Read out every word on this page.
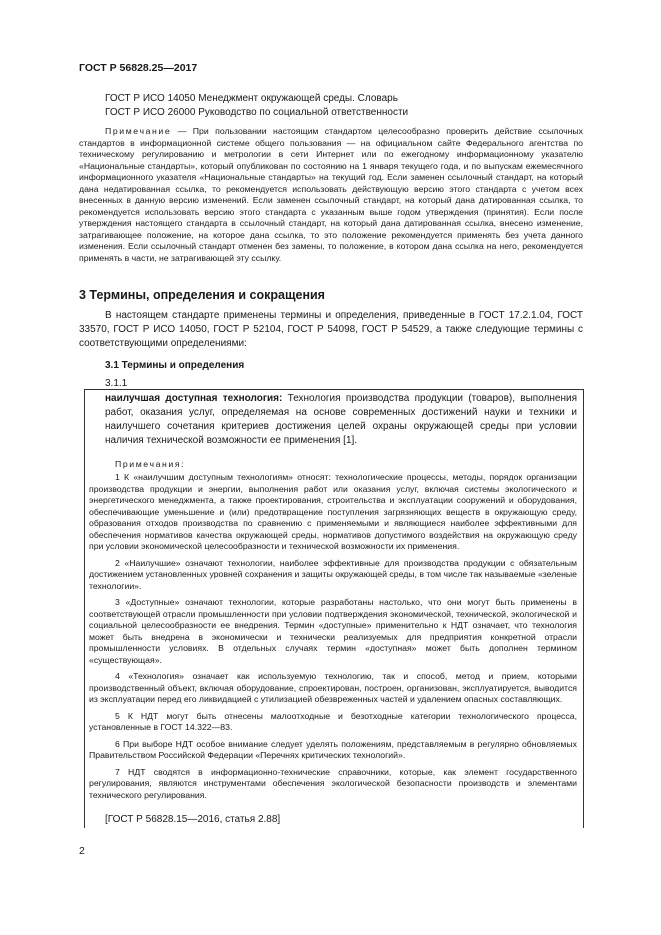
ГОСТ Р 56828.25—2017
ГОСТ Р ИСО 14050 Менеджмент окружающей среды. Словарь
ГОСТ Р ИСО 26000 Руководство по социальной ответственности
Примечание — При пользовании настоящим стандартом целесообразно проверить действие ссылочных стандартов в информационной системе общего пользования — на официальном сайте Федерального агентства по техническому регулированию и метрологии в сети Интернет или по ежегодному информационному указателю «Национальные стандарты», который опубликован по состоянию на 1 января текущего года, и по выпускам ежемесячного информационного указателя «Национальные стандарты» на текущий год. Если заменен ссылочный стандарт, на который дана недатированная ссылка, то рекомендуется использовать действующую версию этого стандарта с учетом всех внесенных в данную версию изменений. Если заменен ссылочный стандарт, на который дана датированная ссылка, то рекомендуется использовать версию этого стандарта с указанным выше годом утверждения (принятия). Если после утверждения настоящего стандарта в ссылочный стандарт, на который дана датированная ссылка, внесено изменение, затрагивающее положение, на которое дана ссылка, то это положение рекомендуется применять без учета данного изменения. Если ссылочный стандарт отменен без замены, то положение, в котором дана ссылка на него, рекомендуется применять в части, не затрагивающей эту ссылку.
3 Термины, определения и сокращения
В настоящем стандарте применены термины и определения, приведенные в ГОСТ 17.2.1.04, ГОСТ 33570, ГОСТ Р ИСО 14050, ГОСТ Р 52104, ГОСТ Р 54098, ГОСТ Р 54529, а также следующие термины с соответствующими определениями:
3.1 Термины и определения
3.1.1
наилучшая доступная технология: Технология производства продукции (товаров), выполнения работ, оказания услуг, определяемая на основе современных достижений науки и техники и наилучшего сочетания критериев достижения целей охраны окружающей среды при условии наличия технической возможности ее применения [1].
Примечания:

1 К «наилучшим доступным технологиям» относят: технологические процессы, методы, порядок организации производства продукции и энергии, выполнения работ или оказания услуг, включая системы экологического и энергетического менеджмента, а также проектирования, строительства и эксплуатации сооружений и оборудования, обеспечивающие уменьшение и (или) предотвращение поступления загрязняющих веществ в окружающую среду, образования отходов производства по сравнению с применяемыми и являющиеся наиболее эффективными для обеспечения нормативов качества окружающей среды, нормативов допустимого воздействия на окружающую среду при условии экономической целесообразности и технической возможности их применения.

2 «Наилучшие» означают технологии, наиболее эффективные для производства продукции с обязательным достижением установленных уровней сохранения и защиты окружающей среды, в том числе так называемые «зеленые технологии».

3 «Доступные» означают технологии, которые разработаны настолько, что они могут быть применены в соответствующей отрасли промышленности при условии подтверждения экономической, технической, экологической и социальной целесообразности ее внедрения. Термин «доступные» применительно к НДТ означает, что технология может быть внедрена в экономически и технически реализуемых для предприятия конкретной отрасли промышленности условиях. В отдельных случаях термин «доступная» может быть дополнен термином «существующая».

4 «Технология» означает как используемую технологию, так и способ, метод и прием, которыми производственный объект, включая оборудование, спроектирован, построен, организован, эксплуатируется, выводится из эксплуатации перед его ликвидацией с утилизацией обезвреженных частей и удалением опасных составляющих.

5 К НДТ могут быть отнесены малоотходные и безотходные категории технологического процесса, установленные в ГОСТ 14.322—83.

6 При выборе НДТ особое внимание следует уделять положениям, представляемым в регулярно обновляемых Правительством Российской Федерации «Перечнях критических технологий».

7 НДТ сводятся в информационно-технические справочники, которые, как элемент государственного регулирования, являются инструментами обеспечения экологической безопасности производств и элементами технического регулирования.

[ГОСТ Р 56828.15—2016, статья 2.88]
2
